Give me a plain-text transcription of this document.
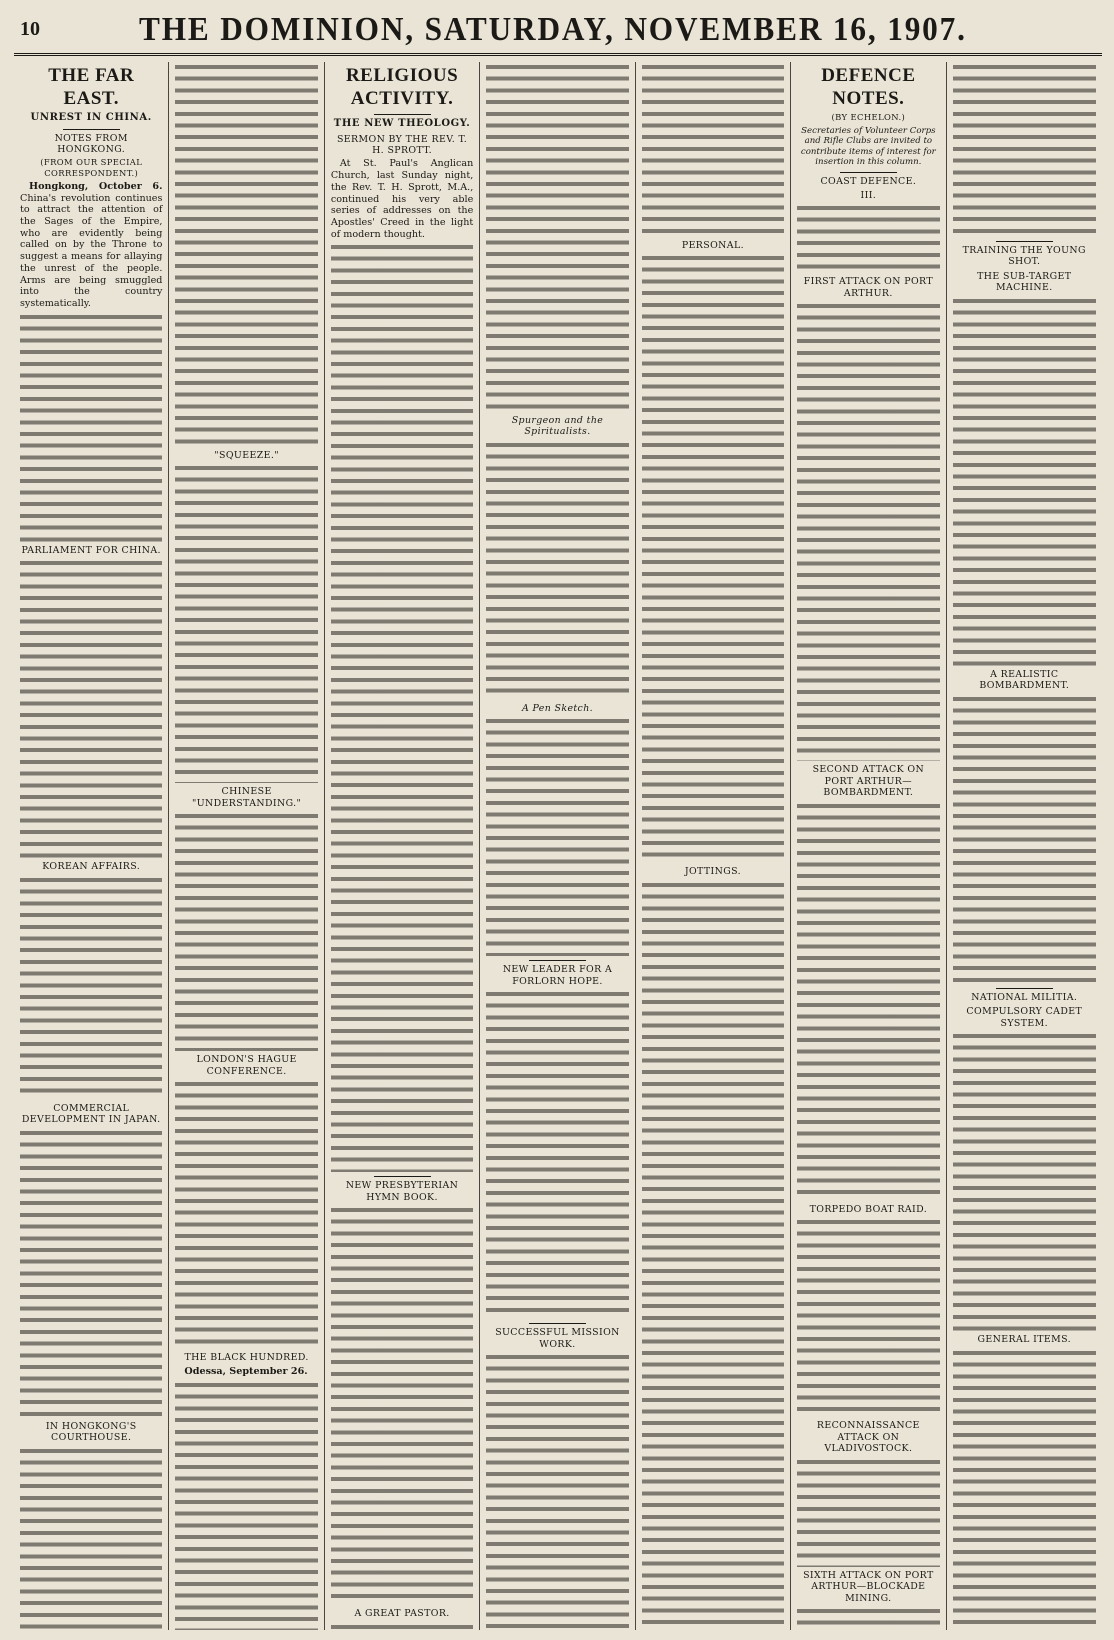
10	THE DOMINION, SATURDAY, NOVEMBER 16, 1907.
THE FAR EAST.
UNREST IN CHINA.
NOTES FROM HONGKONG.
(FROM OUR SPECIAL CORRESPONDENT.)
Hongkong, October 6. China's revolution continues to attract the attention of the Sages of the Empire, who are evidently being called on by the Throne to suggest a means for allaying the unrest of the people. Arms are being smuggled into the country systematically.
PARLIAMENT FOR CHINA.
KOREAN AFFAIRS.
COMMERCIAL DEVELOPMENT IN JAPAN.
IN HONGKONG'S COURTHOUSE.
"SQUEEZE."
CHINESE "UNDERSTANDING."
LONDON'S HAGUE CONFERENCE.
THE BLACK HUNDRED.
Odessa, September 26.
RELIGIOUS ACTIVITY.
THE NEW THEOLOGY.
SERMON BY THE REV. T. H. SPROTT.
At St. Paul's Anglican Church, last Sunday night, the Rev. T. H. Sprott, M.A., continued his very able series of addresses on the Apostles' Creed in the light of modern thought.
NEW PRESBYTERIAN HYMN BOOK.
A GREAT PASTOR.
Spurgeon and the Spiritualists.
A Pen Sketch.
NEW LEADER FOR A FORLORN HOPE.
SUCCESSFUL MISSION WORK.
PERSONAL.
JOTTINGS.
DEFENCE NOTES.
(BY ECHELON.)
Secretaries of Volunteer Corps and Rifle Clubs are invited to contribute items of interest for insertion in this column.
COAST DEFENCE.
III.
FIRST ATTACK ON PORT ARTHUR.
SECOND ATTACK ON PORT ARTHUR—BOMBARDMENT.
TORPEDO BOAT RAID.
RECONNAISSANCE ATTACK ON VLADIVOSTOCK.
SIXTH ATTACK ON PORT ARTHUR—BLOCKADE MINING.
TRAINING THE YOUNG SHOT.
THE SUB-TARGET MACHINE.
A REALISTIC BOMBARDMENT.
NATIONAL MILITIA.
COMPULSORY CADET SYSTEM.
GENERAL ITEMS.
